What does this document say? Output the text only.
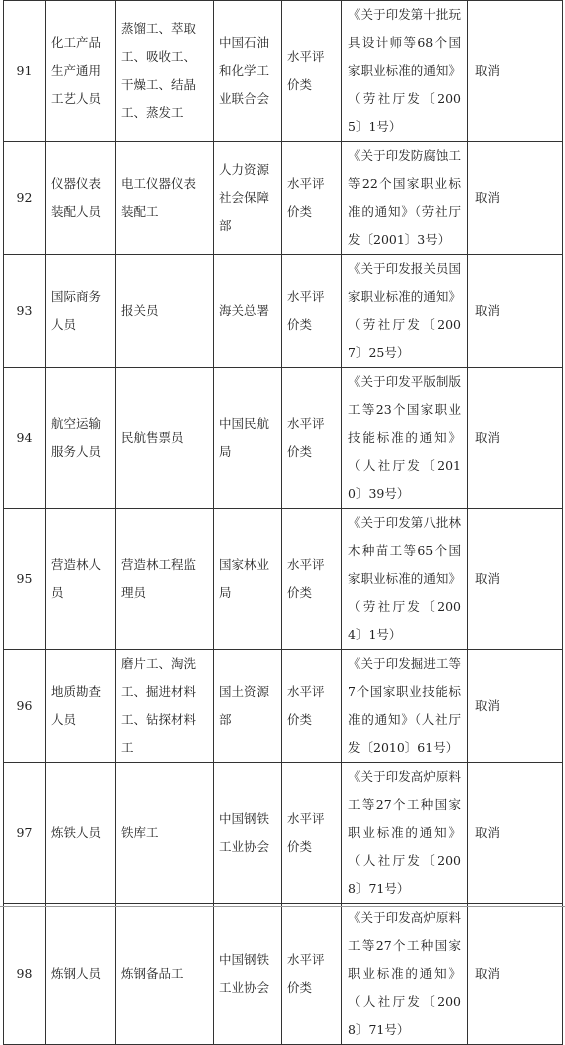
91	化工产品生产通用工艺人员	蒸馏工、萃取工、吸收工、干燥工、结晶工、蒸发工	中国石油和化学工业联合会	水平评价类	《关于印发第十批玩具设计师等68个国家职业标准的通知》（劳社厅发〔2005〕1号）	取消
92	仪器仪表装配人员	电工仪器仪表装配工	人力资源社会保障部	水平评价类	《关于印发防腐蚀工等22个国家职业标准的通知》（劳社厅发〔2001〕3号）	取消
93	国际商务人员	报关员	海关总署	水平评价类	《关于印发报关员国家职业标准的通知》（劳社厅发〔2007〕25号）	取消
94	航空运输服务人员	民航售票员	中国民航局	水平评价类	《关于印发平版制版工等23个国家职业技能标准的通知》（人社厅发〔2010〕39号）	取消
95	营造林人员	营造林工程监理员	国家林业局	水平评价类	《关于印发第八批林木种苗工等65个国家职业标准的通知》（劳社厅发〔2004〕1号）	取消
96	地质勘查人员	磨片工、淘洗工、掘进材料工、钻探材料工	国土资源部	水平评价类	《关于印发掘进工等7个国家职业技能标准的通知》（人社厅发〔2010〕61号）	取消
97	炼铁人员	铁库工	中国钢铁工业协会	水平评价类	《关于印发高炉原料工等27个工种国家职业标准的通知》（人社厅发〔2008〕71号）	取消
98	炼钢人员	炼钢备品工	中国钢铁工业协会	水平评价类	《关于印发高炉原料工等27个工种国家职业标准的通知》（人社厅发〔2008〕71号）	取消
